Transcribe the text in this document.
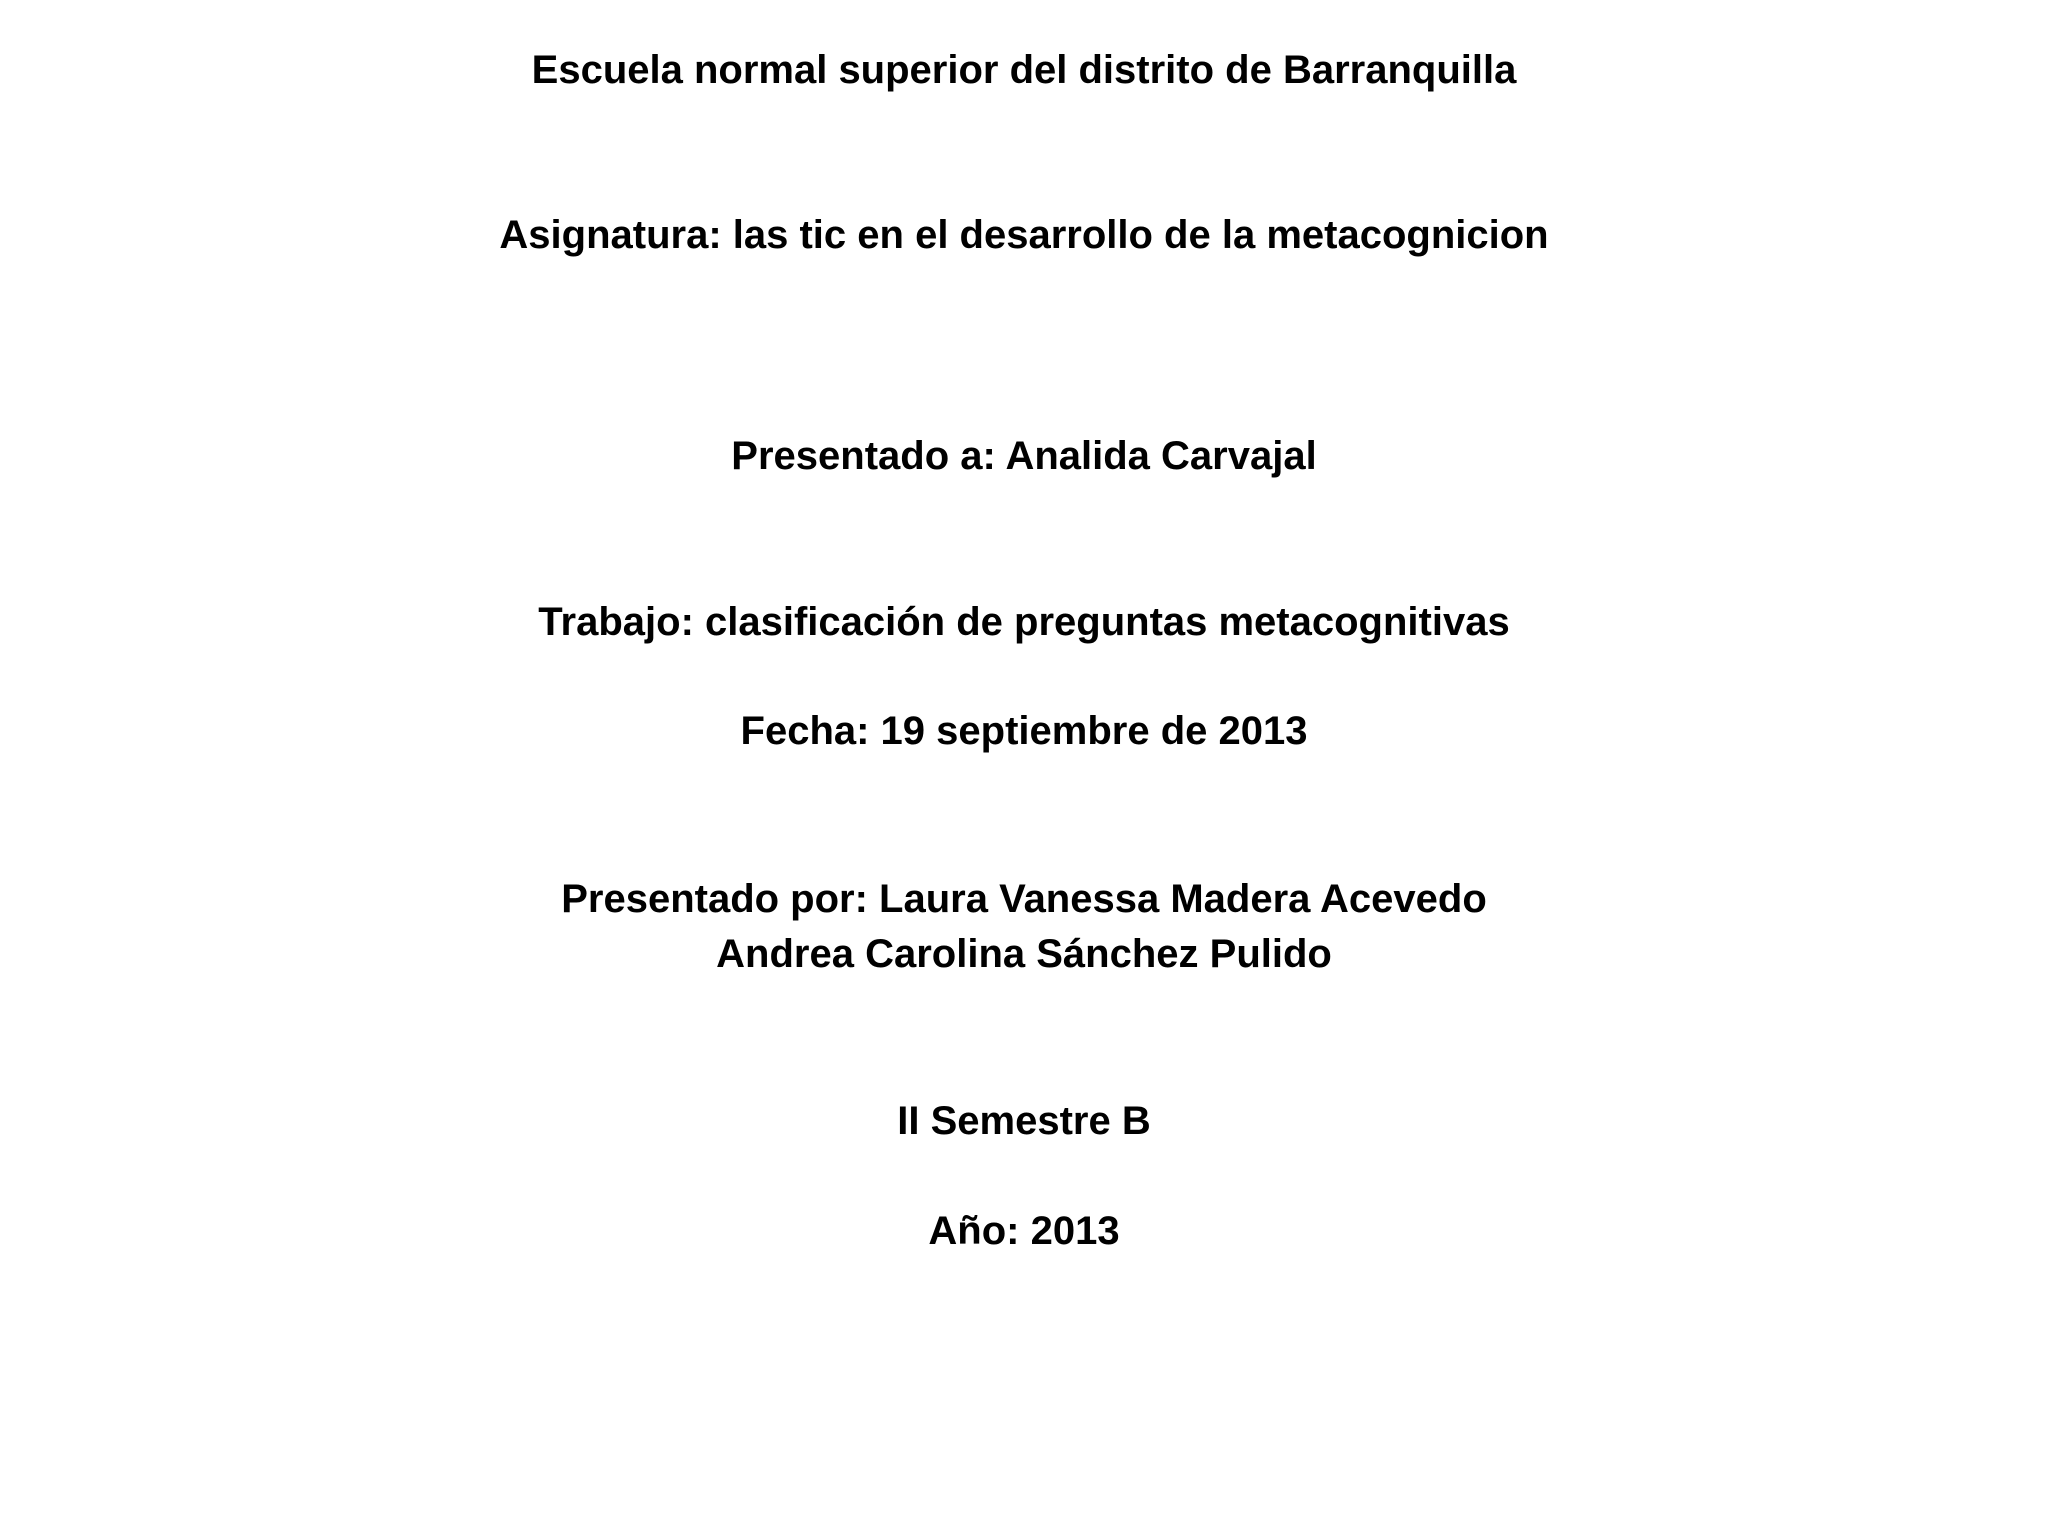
Escuela normal superior del distrito de Barranquilla
Asignatura: las tic en el desarrollo de la metacognicion
Presentado a: Analida Carvajal
Trabajo: clasificación de preguntas metacognitivas
Fecha: 19 septiembre de 2013
Presentado por: Laura Vanessa Madera Acevedo
Andrea Carolina Sánchez Pulido
II Semestre B
Año: 2013
